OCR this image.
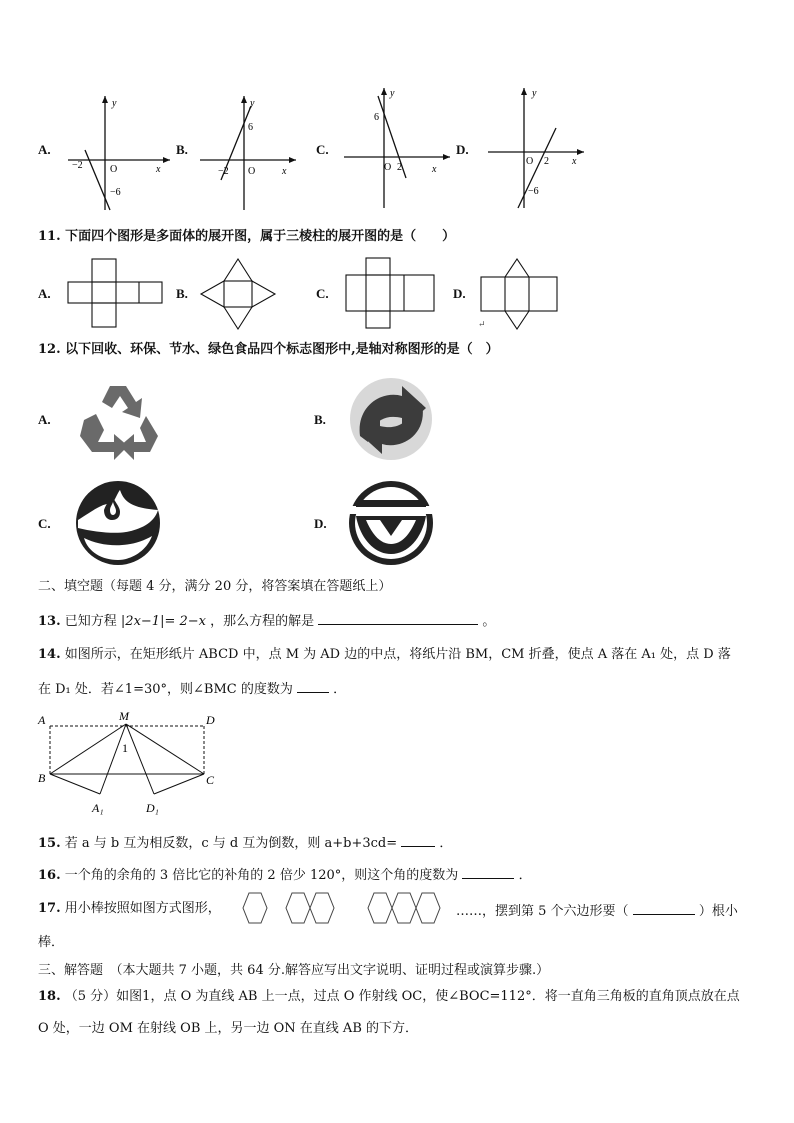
A.
y
x
−2	O
−6
B.
y
x
6
−2 O
C.
y
6
O 2	x
D.
y
O 2 x
−6
11. 下面四个图形是多面体的展开图，属于三棱柱的展开图的是（　　）
A.	B.	C.	D.
↵
12. 以下回收、环保、节水、绿色食品四个标志图形中,是轴对称图形的是（　）
A.	B.
C.	D.
二、填空题（每题 4 分，满分 20 分，将答案填在答题纸上）
13. 已知方程 |2x−1|= 2−x ，那么方程的解是	。
14. 如图所示，在矩形纸片 ABCD 中，点 M 为 AD 边的中点，将纸片沿 BM，CM 折叠，使点 A 落在 A₁ 处，点 D 落
在 D₁ 处．若∠1=30°，则∠BMC 的度数为	．
A	M	D
1
B	C
A₁	D₁
15. 若 a 与 b 互为相反数，c 与 d 互为倒数，则 a+b+3cd=	．
16. 一个角的余角的 3 倍比它的补角的 2 倍少 120°，则这个角的度数为	．
17. 用小棒按照如图方式图形，	……，摆到第 5 个六边形要（	）根小
棒．
三、解答题　（本大题共 7 小题，共 64 分.解答应写出文字说明、证明过程或演算步骤.）
18. （5 分）如图1，点 O 为直线 AB 上一点，过点 O 作射线 OC，使∠BOC=112°．将一直角三角板的直角顶点放在点
O 处，一边 OM 在射线 OB 上，另一边 ON 在直线 AB 的下方．
